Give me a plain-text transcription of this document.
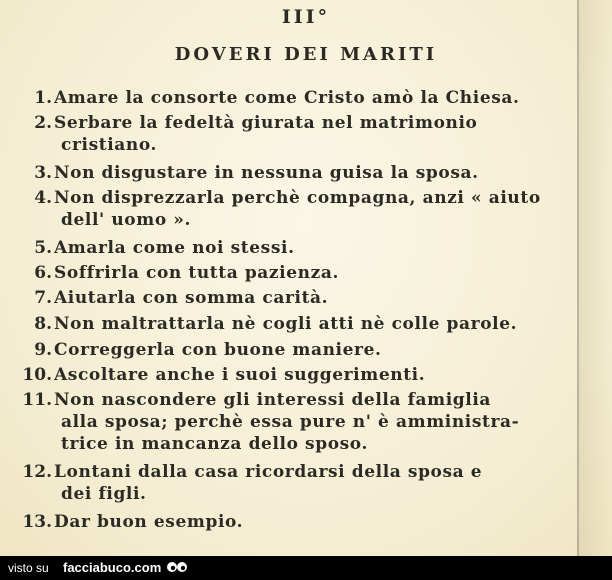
III°
DOVERI DEI MARITI
1. Amare la consorte come Cristo amò la Chiesa.
2. Serbare la fedeltà giurata nel matrimonio
cristiano.
3. Non disgustare in nessuna guisa la sposa.
4. Non disprezzarla perchè compagna, anzi « aiuto
dell' uomo ».
5. Amarla come noi stessi.
6. Soffrirla con tutta pazienza.
7. Aiutarla con somma carità.
8. Non maltrattarla nè cogli atti nè colle parole.
9. Correggerla con buone maniere.
10. Ascoltare anche i suoi suggerimenti.
11. Non nascondere gli interessi della famiglia
alla sposa; perchè essa pure n' è amministra-
trice in mancanza dello sposo.
12. Lontani dalla casa ricordarsi della sposa e
dei figli.
13. Dar buon esempio.
visto su facciabuco.com
